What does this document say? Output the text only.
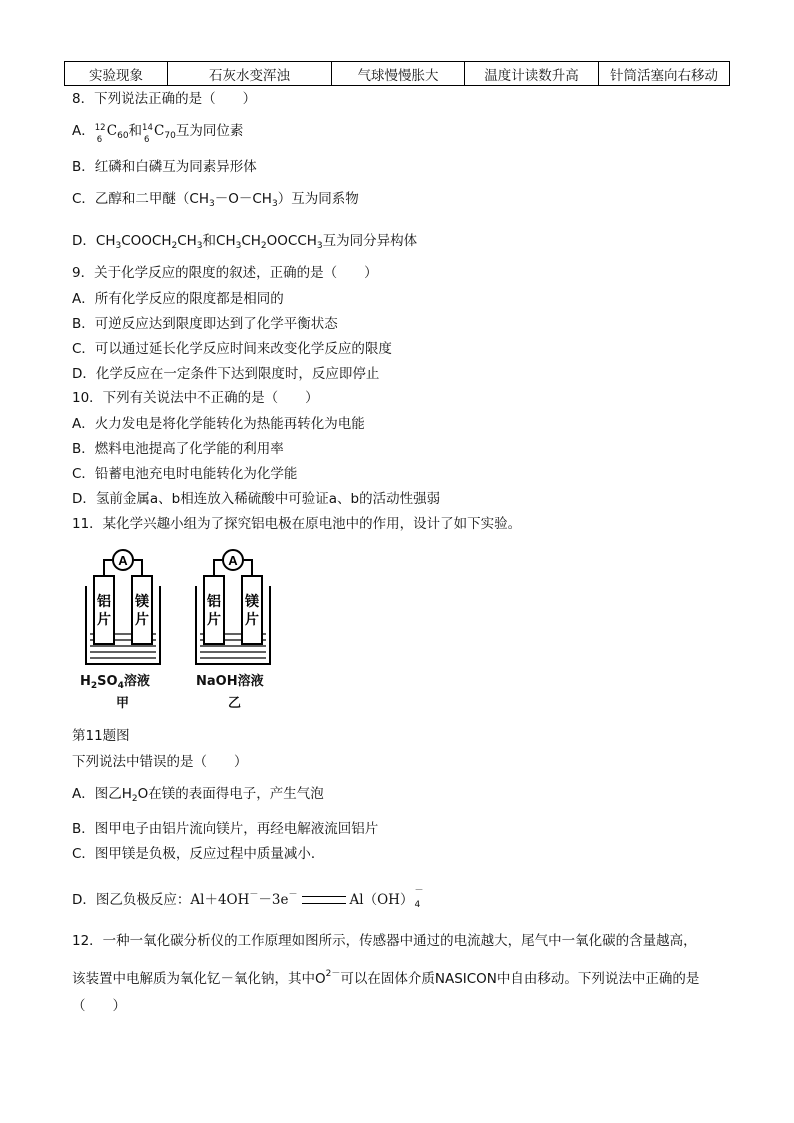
实验现象	石灰水变浑浊	气球慢慢胀大	温度计读数升高	针筒活塞向右移动
8．下列说法正确的是（　　）
A． 12
6
$C_{60}$和 14
6
$C_{70}$互为同位素
B．红磷和白磷互为同素异形体
C．乙醇和二甲醚$(CH_3-O-CH_3)$互为同系物
D．$CH_3COOCH_2CH_3$和$CH_3CH_2OOCCH_3$互为同分异构体
9．关于化学反应的限度的叙述，正确的是（　　）
A．所有化学反应的限度都是相同的
B．可逆反应达到限度即达到了化学平衡状态
C．可以通过延长化学反应时间来改变化学反应的限度
D．化学反应在一定条件下达到限度时，反应即停止
10．下列有关说法中不正确的是（　　）
A．火力发电是将化学能转化为热能再转化为电能
B．燃料电池提高了化学能的利用率
C．铅蓄电池充电时电能转化为化学能
D．氢前金属a、b相连放入稀硫酸中可验证a、b的活动性强弱
11．某化学兴趣小组为了探究铝电极在原电池中的作用，设计了如下实验。
A
铝
片
镁
片
A
铝
片
镁
片
$H_2SO_4$溶液
甲
NaOH溶液
乙
第11题图
下列说法中错误的是（　　）
A．图乙$H_2O$在镁的表面得电子，产生气泡
B．图甲电子由铝片流向镁片，再经电解液流回铝片
C．图甲镁是负极，反应过程中质量减小．
D．图乙负极反应：Al＋4OH－－3e－	Al（OH）
－
4
12．一种一氧化碳分析仪的工作原理如图所示，传感器中通过的电流越大，尾气中一氧化碳的含量越高，
该装置中电解质为氧化钇－氧化钠，其中$O^{2-}$可以在固体介质NASICON中自由移动。下列说法中正确的是
（　　）
